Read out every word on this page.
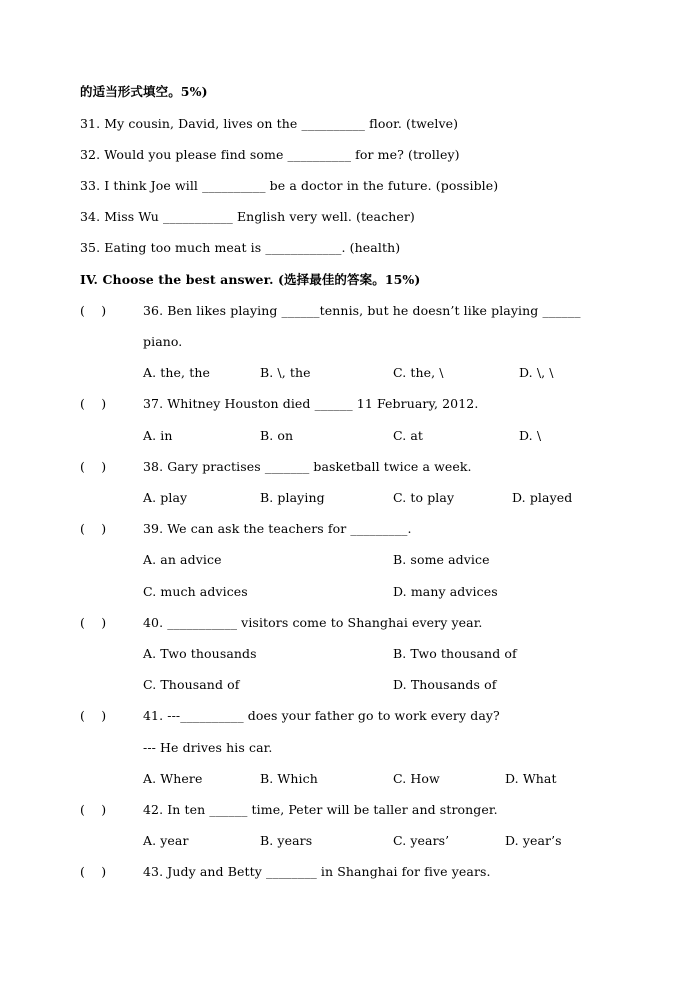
的适当形式填空。5%)
31. My cousin, David, lives on the __________ floor. (twelve)
32. Would you please find some __________ for me? (trolley)
33. I think Joe will __________ be a doctor in the future. (possible)
34. Miss Wu ___________ English very well. (teacher)
35. Eating too much meat is ____________. (health)
IV. Choose the best answer. (选择最佳的答案。15%)
(    )	36. Ben likes playing ______tennis, but he doesn’t like playing ______
piano.
A. the, the	B. \, the	C. the, \	D. \, \
(    )	37. Whitney Houston died ______ 11 February, 2012.
A. in	B. on	C. at	D. \
(    )	38. Gary practises _______ basketball twice a week.
A. play	B. playing	C. to play	D. played
(    )	39. We can ask the teachers for _________.
A. an advice	B. some advice
C. much advices	D. many advices
(    )	40. ___________ visitors come to Shanghai every year.
A. Two thousands	B. Two thousand of
C. Thousand of	D. Thousands of
(    )	41. ---__________ does your father go to work every day?
--- He drives his car.
A. Where	B. Which	C. How	D. What
(    )	42. In ten ______ time, Peter will be taller and stronger.
A. year	B. years	C. years’	D. year’s
(    )	43. Judy and Betty ________ in Shanghai for five years.
